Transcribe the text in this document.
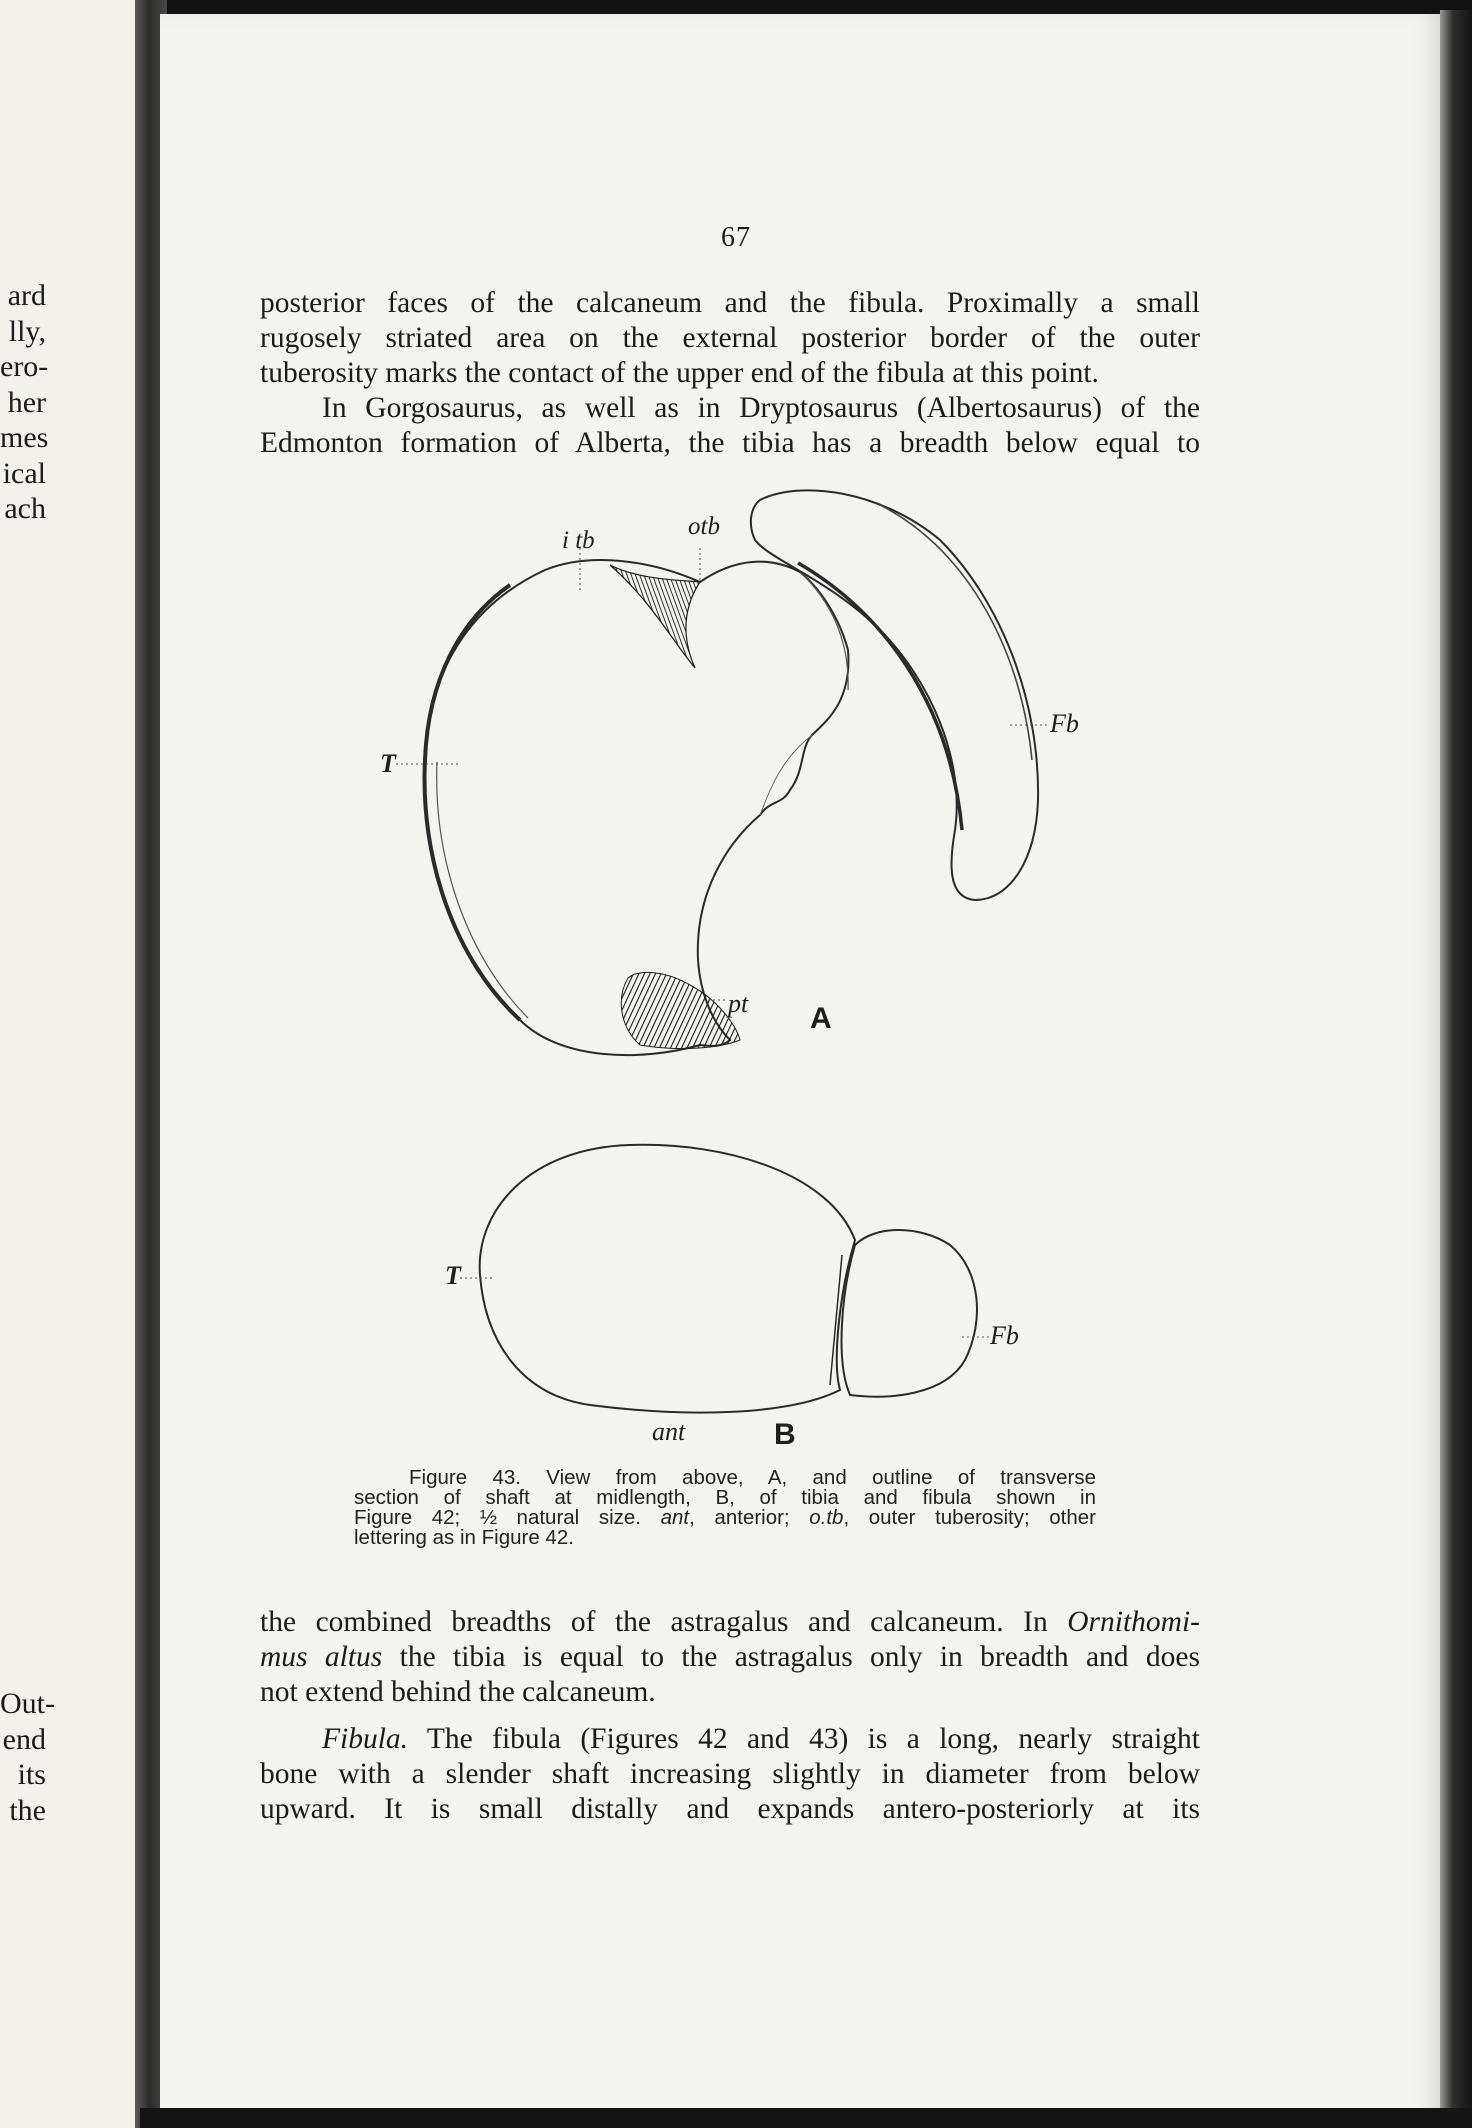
ard
lly,
ero-
her
mes
ical
ach
Out-
end
its
the
67
posterior faces of the calcaneum and the fibula. Proximally a small
rugosely striated area on the external posterior border of the outer
tuberosity marks the contact of the upper end of the fibula at this point.
In Gorgosaurus, as well as in Dryptosaurus (Albertosaurus) of the
Edmonton formation of Alberta, the tibia has a breadth below equal to
i tb
otb
T
Fb
pt A
T
Fb
ant	B
Figure 43. View from above, A, and outline of transverse
section of shaft at midlength, B, of tibia and fibula shown in
Figure 42; ½ natural size. ant, anterior; o.tb, outer tuberosity; other
lettering as in Figure 42.
the combined breadths of the astragalus and calcaneum. In Ornithomi-
mus altus the tibia is equal to the astragalus only in breadth and does
not extend behind the calcaneum.
Fibula. The fibula (Figures 42 and 43) is a long, nearly straight
bone with a slender shaft increasing slightly in diameter from below
upward. It is small distally and expands antero-posteriorly at its
